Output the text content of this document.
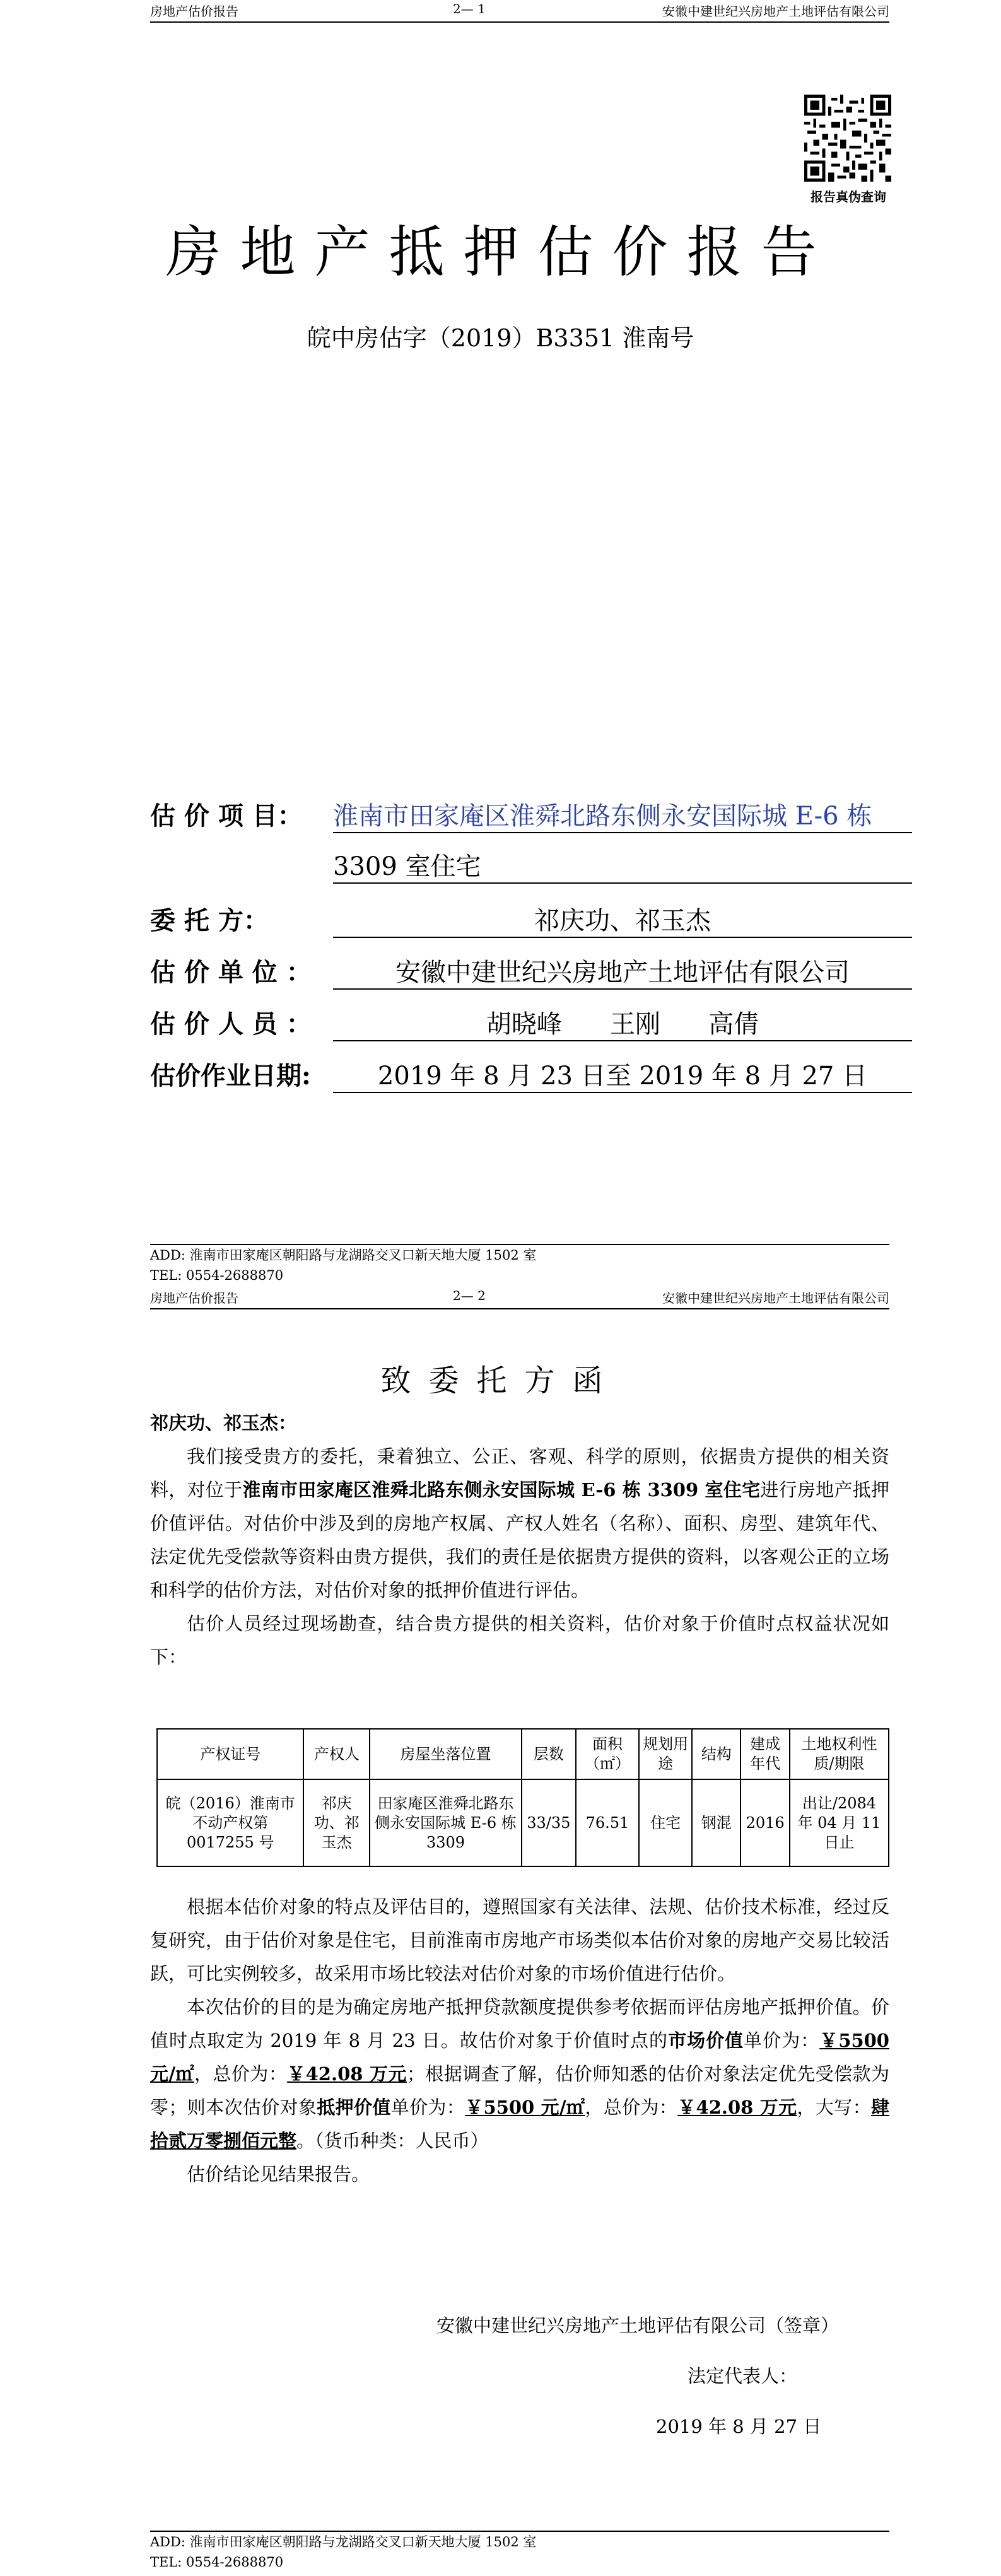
房地产估价报告	2— 1	安徽中建世纪兴房地产土地评估有限公司
报告真伪查询
房地产抵押估价报告
皖中房估字（2019）B3351 淮南号
估 价 项 目： 淮南市田家庵区淮舜北路东侧永安国际城 E-6 栋
3309 室住宅
委 托 方：	祁庆功、祁玉杰
估 价 单 位 ：	安徽中建世纪兴房地产土地评估有限公司
估 价 人 员 ：	胡晓峰      王刚      高倩
估价作业日期:	2019 年 8 月 23 日至 2019 年 8 月 27 日
ADD: 淮南市田家庵区朝阳路与龙湖路交叉口新天地大厦 1502 室
TEL: 0554-2688870
房地产估价报告	2— 2	安徽中建世纪兴房地产土地评估有限公司
致委托方函

祁庆功、祁玉杰：

我们接受贵方的委托，秉着独立、公正、客观、科学的原则，依据贵方提供的相关资料，对位于淮南市田家庵区淮舜北路东侧永安国际城 E-6 栋 3309 室住宅进行房地产抵押价值评估。对估价中涉及到的房地产权属、产权人姓名（名称）、面积、房型、建筑年代、法定优先受偿款等资料由贵方提供，我们的责任是依据贵方提供的资料，以客观公正的立场和科学的估价方法，对估价对象的抵押价值进行评估。

估价人员经过现场勘查，结合贵方提供的相关资料，估价对象于价值时点权益状况如下：

产权证号	产权人	房屋坐落位置	层数	面积（㎡）	规划用途	结构	建成年代	土地权利性质/期限
皖（2016）淮南市不动产权第 0017255 号	祁庆功、祁玉杰	田家庵区淮舜北路东侧永安国际城 E-6 栋 3309	33/35	76.51	住宅	钢混	2016	出让/2084 年 04 月 11 日止

根据本估价对象的特点及评估目的，遵照国家有关法律、法规、估价技术标准，经过反复研究，由于估价对象是住宅，目前淮南市房地产市场类似本估价对象的房地产交易比较活跃，可比实例较多，故采用市场比较法对估价对象的市场价值进行估价。

本次估价的目的是为确定房地产抵押贷款额度提供参考依据而评估房地产抵押价值。价值时点取定为 2019 年 8 月 23 日。故估价对象于价值时点的市场价值单价为：￥5500 元/㎡，总价为：￥42.08 万元；根据调查了解，估价师知悉的估价对象法定优先受偿款为零；则本次估价对象抵押价值单价为：￥5500 元/㎡，总价为：￥42.08 万元，大写：肆拾贰万零捌佰元整。（货币种类：人民币）

估价结论见结果报告。

安徽中建世纪兴房地产土地评估有限公司（签章）
法定代表人：
2019 年 8 月 27 日
ADD: 淮南市田家庵区朝阳路与龙湖路交叉口新天地大厦 1502 室
TEL: 0554-2688870
